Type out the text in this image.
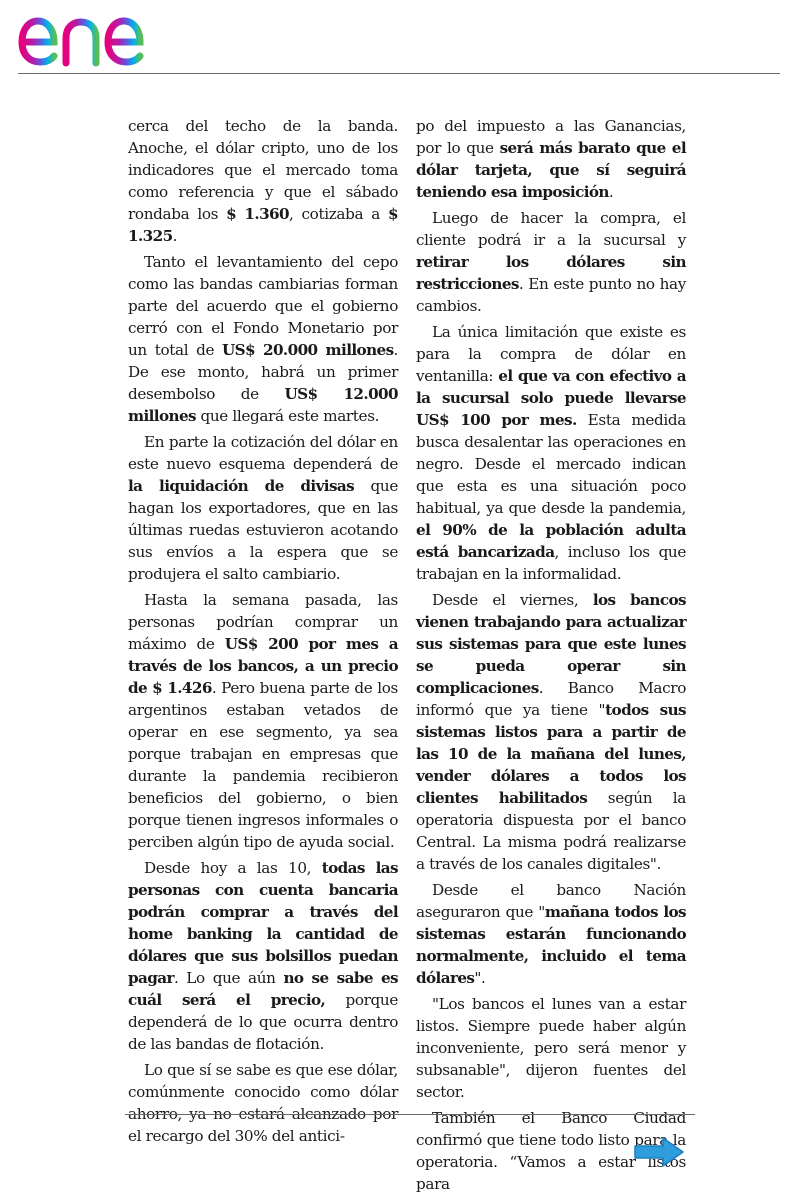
cerca del techo de la banda. Anoche, el dólar cripto, uno de los indicadores que el mercado toma como referencia y que el sábado rondaba los $ 1.360, cotizaba a $ 1.325.

Tanto el levantamiento del cepo como las bandas cambiarias forman parte del acuerdo que el gobierno cerró con el Fondo Monetario por un total de US$ 20.000 millones. De ese monto, habrá un primer desembolso de US$ 12.000 millones que llegará este martes.

En parte la cotización del dólar en este nuevo esquema dependerá de la liquidación de divisas que hagan los exportadores, que en las últimas ruedas estuvieron acotando sus envíos a la espera que se produjera el salto cambiario.

Hasta la semana pasada, las personas podrían comprar un máximo de US$ 200 por mes a través de los bancos, a un precio de $ 1.426. Pero buena parte de los argentinos estaban vetados de operar en ese segmento, ya sea porque trabajan en empresas que durante la pandemia recibieron beneficios del gobierno, o bien porque tienen ingresos informales o perciben algún tipo de ayuda social.

Desde hoy a las 10, todas las personas con cuenta bancaria podrán comprar a través del home banking la cantidad de dólares que sus bolsillos puedan pagar. Lo que aún no se sabe es cuál será el precio, porque dependerá de lo que ocurra dentro de las bandas de flotación.

Lo que sí se sabe es que ese dólar, comúnmente conocido como dólar ahorro, ya no estará alcanzado por el recargo del 30% del antici-

po del impuesto a las Ganancias, por lo que será más barato que el dólar tarjeta, que sí seguirá teniendo esa imposición.

Luego de hacer la compra, el cliente podrá ir a la sucursal y retirar los dólares sin restricciones. En este punto no hay cambios.

La única limitación que existe es para la compra de dólar en ventanilla: el que va con efectivo a la sucursal solo puede llevarse US$ 100 por mes. Esta medida busca desalentar las operaciones en negro. Desde el mercado indican que esta es una situación poco habitual, ya que desde la pandemia, el 90% de la población adulta está bancarizada, incluso los que trabajan en la informalidad.

Desde el viernes, los bancos vienen trabajando para actualizar sus sistemas para que este lunes se pueda operar sin complicaciones. Banco Macro informó que ya tiene "todos sus sistemas listos para a partir de las 10 de la mañana del lunes, vender dólares a todos los clientes habilitados según la operatoria dispuesta por el banco Central. La misma podrá realizarse a través de los canales digitales".

Desde el banco Nación aseguraron que "mañana todos los sistemas estarán funcionando normalmente, incluido el tema dólares".

"Los bancos el lunes van a estar listos. Siempre puede haber algún inconveniente, pero será menor y subsanable", dijeron fuentes del sector.

También el Banco Ciudad confirmó que tiene todo listo para la operatoria. “Vamos a estar listos para
